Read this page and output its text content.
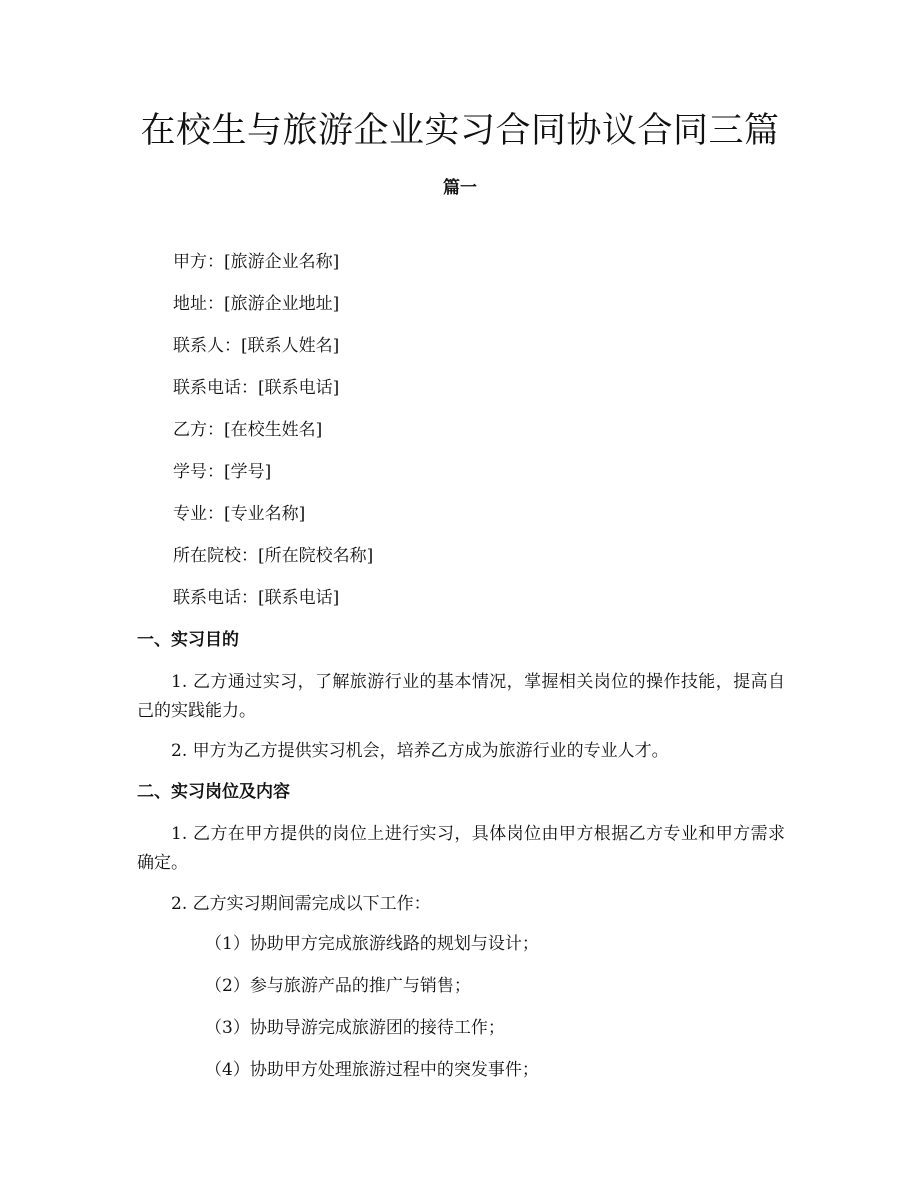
在校生与旅游企业实习合同协议合同三篇
篇一
甲方：[旅游企业名称]
地址：[旅游企业地址]
联系人：[联系人姓名]
联系电话：[联系电话]
乙方：[在校生姓名]
学号：[学号]
专业：[专业名称]
所在院校：[所在院校名称]
联系电话：[联系电话]
一、实习目的
1. 乙方通过实习，了解旅游行业的基本情况，掌握相关岗位的操作技能，提高自己的实践能力。
2. 甲方为乙方提供实习机会，培养乙方成为旅游行业的专业人才。
二、实习岗位及内容
1. 乙方在甲方提供的岗位上进行实习，具体岗位由甲方根据乙方专业和甲方需求确定。
2. 乙方实习期间需完成以下工作：
（1）协助甲方完成旅游线路的规划与设计；
（2）参与旅游产品的推广与销售；
（3）协助导游完成旅游团的接待工作；
（4）协助甲方处理旅游过程中的突发事件；
